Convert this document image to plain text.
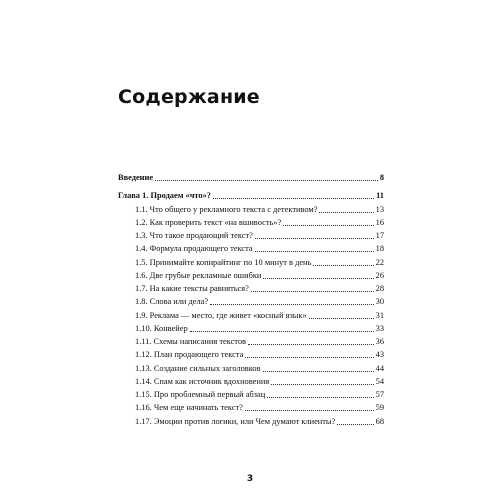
Содержание
Введение	8
Глава 1. Продаем «что»?	11
1.1. Что общего у рекламного текста с детективом?	13
1.2. Как проверить текст «на вшивость»?	16
1.3. Что такое продающий текст?	17
1.4. Формула продающего текста	18
1.5. Принимайте копирайтинг по 10 минут в день	22
1.6. Две грубые рекламные ошибки	26
1.7. На какие тексты равняться?	28
1.8. Слова или дела?	30
1.9. Реклама — место, где живет «косный язык»	31
1.10. Конвейер	33
1.11. Схемы написания текстов	36
1.12. План продающего текста	43
1.13. Создание сильных заголовков	44
1.14. Спам как источник вдохновения	54
1.15. Про проблемный первый абзац	57
1.16. Чем еще начинать текст?	59
1.17. Эмоции против логики, или Чем думают клиенты?	68
3
